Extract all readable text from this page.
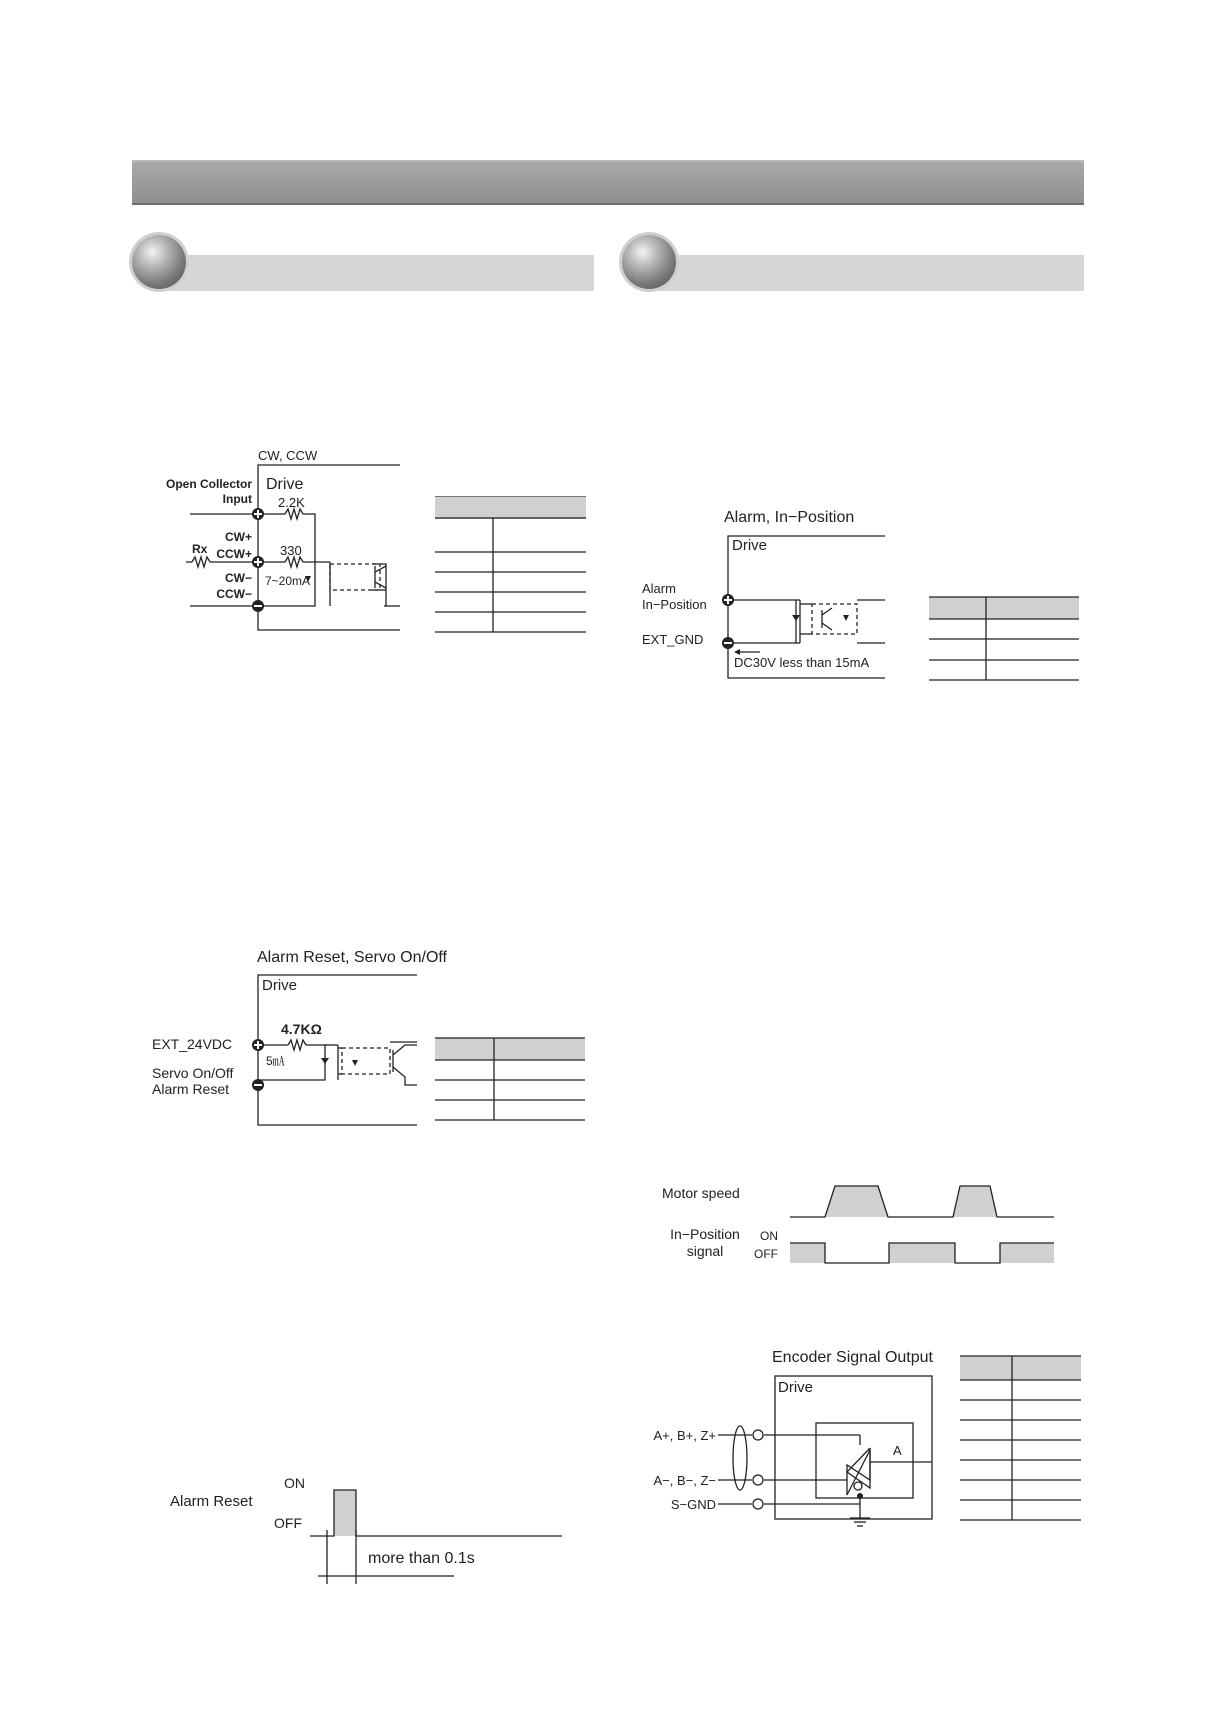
CW, CCW
Drive
Open Collector
Input 2.2K
CW+
CCW+
Rx	330
7~20mA
CW−
CCW−
Alarm Reset, Servo On/Off
Drive
EXT_24VDC
4.7KΩ
5㎃
Servo On/Off
Alarm Reset
Alarm Reset
ON
OFF
more than 0.1s
Alarm, In−Position
Drive
Alarm
In−Position
EXT_GND
DC30V less than 15mA
Motor speed
In−Position
signal
ON
OFF
Encoder Signal Output
Drive
A+, B+, Z+
A−, B−, Z−
S−GND
A
